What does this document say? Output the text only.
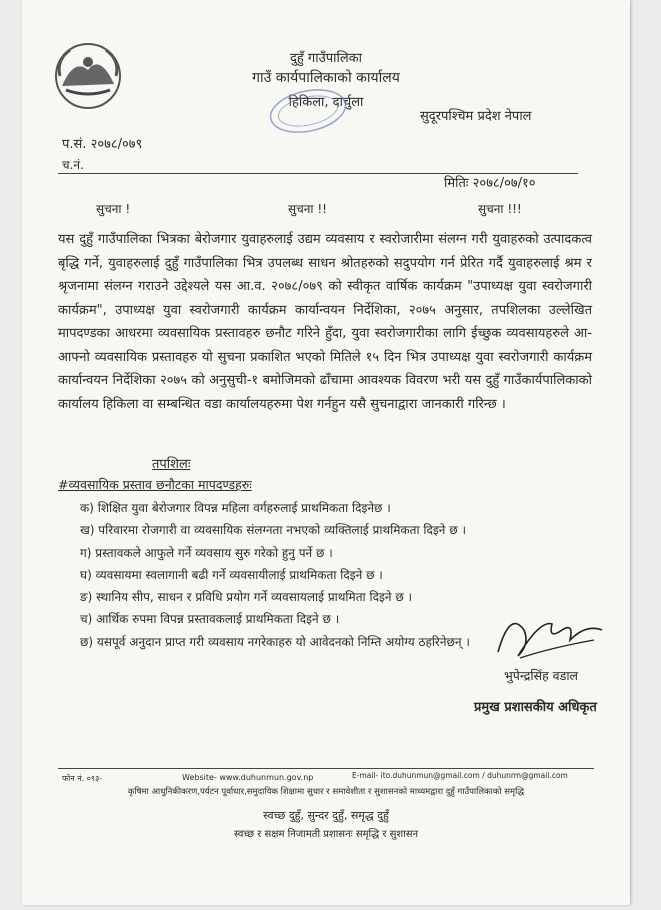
दुहुँ गाउँपालिका
गाउँ कार्यपालिकाको कार्यालय
हिकिला, दार्चुला
सुदूरपश्चिम प्रदेश नेपाल
प.सं. २०७८/०७९
च.नं.
मितिः २०७८/०७/१०
सुचना !	सुचना !!	सुचना !!!
यस दुहुँ गाउँपालिका भित्रका बेरोजगार युवाहरुलाई उद्यम व्यवसाय र स्वरोजारीमा संलग्न गरी युवाहरुको उत्पादकत्व बृद्धि गर्ने, युवाहरुलाई दुहुँ गाउँपालिका भित्र उपलब्ध साधन श्रोतहरुको सदुपयोग गर्न प्रेरित गर्दै युवाहरुलाई श्रम र श्रृजनामा संलग्न गराउने उद्देश्यले यस आ.व. २०७८/०७९ को स्वीकृत वार्षिक कार्यक्रम "उपाध्यक्ष युवा स्वरोजगारी कार्यक्रम", उपाध्यक्ष युवा स्वरोजगारी कार्यक्रम कार्यान्वयन निर्देशिका, २०७५ अनुसार, तपशिलका उल्लेखित मापदण्डका आधरमा व्यवसायिक प्रस्तावहरु छनौट गरिने हुँदा, युवा स्वरोजगारीका लागि ईच्छुक व्यवसायहरुले आ-आफ्नो व्यवसायिक प्रस्तावहरु यो सुचना प्रकाशित भएको मितिले १५ दिन भित्र उपाध्यक्ष युवा स्वरोजगारी कार्यक्रम कार्यान्वयन निर्देशिका २०७५ को अनुसुची-१ बमोजिमको ढाँचामा आवश्यक विवरण भरी यस दुहुँ गाउँकार्यपालिकाको कार्यालय हिकिला वा सम्बन्धित वडा कार्यालयहरुमा पेश गर्नहुन यसै सुचनाद्वारा जानकारी गरिन्छ ।
तपशिलः
#व्यवसायिक प्रस्ताव छनौटका मापदण्डहरुः
क) शिक्षित युवा बेरोजगार विपन्न महिला वर्गहरुलाई प्राथमिकता दिइनेछ ।
ख) परिवारमा रोजगारी वा व्यवसायिक संलग्नता नभएको व्यक्तिलाई प्राथमिकता दिइने छ ।
ग) प्रस्तावकले आफुले गर्ने व्यवसाय सुरु गरेको हुनु पर्ने छ ।
घ) व्यवसायमा स्वलागानी बढी गर्ने व्यवसायीलाई प्राथमिकता दिइने छ ।
ङ) स्थानिय सीप, साधन र प्रविधि प्रयोग गर्ने व्यवसायलाई प्राथमिता दिइने छ ।
च) आर्थिक रुपमा विपन्न प्रस्तावकलाई प्राथमिकता दिइने छ ।
छ) यसपूर्व अनुदान प्राप्त गरी व्यवसाय नगरेकाहरु यो आवेदनको निम्ति अयोग्य ठहरिनेछन् ।
भुपेन्द्रसिंह वडाल
प्रमुख प्रशासकीय अधिकृत
फोन नं. ०९३-	Website- www.duhunmun.gov.np	E-mail- ito.duhunmun@gmail.com / duhunrm@gmail.com
कृषिमा आधुनिकीकरण,पर्यटन पूर्वाधार,समुदायिक शिक्षामा सुधार र समावेशीता र सुशासनको माध्यमद्वारा दुहुँ गाउँपालिकाको समृद्धि
स्वच्छ दुहुँ, सुन्दर दुहुँ, समृद्ध दुहुँ
स्वच्छ र सक्षम निजामती प्रशासनः समृद्धि र सुशासन
